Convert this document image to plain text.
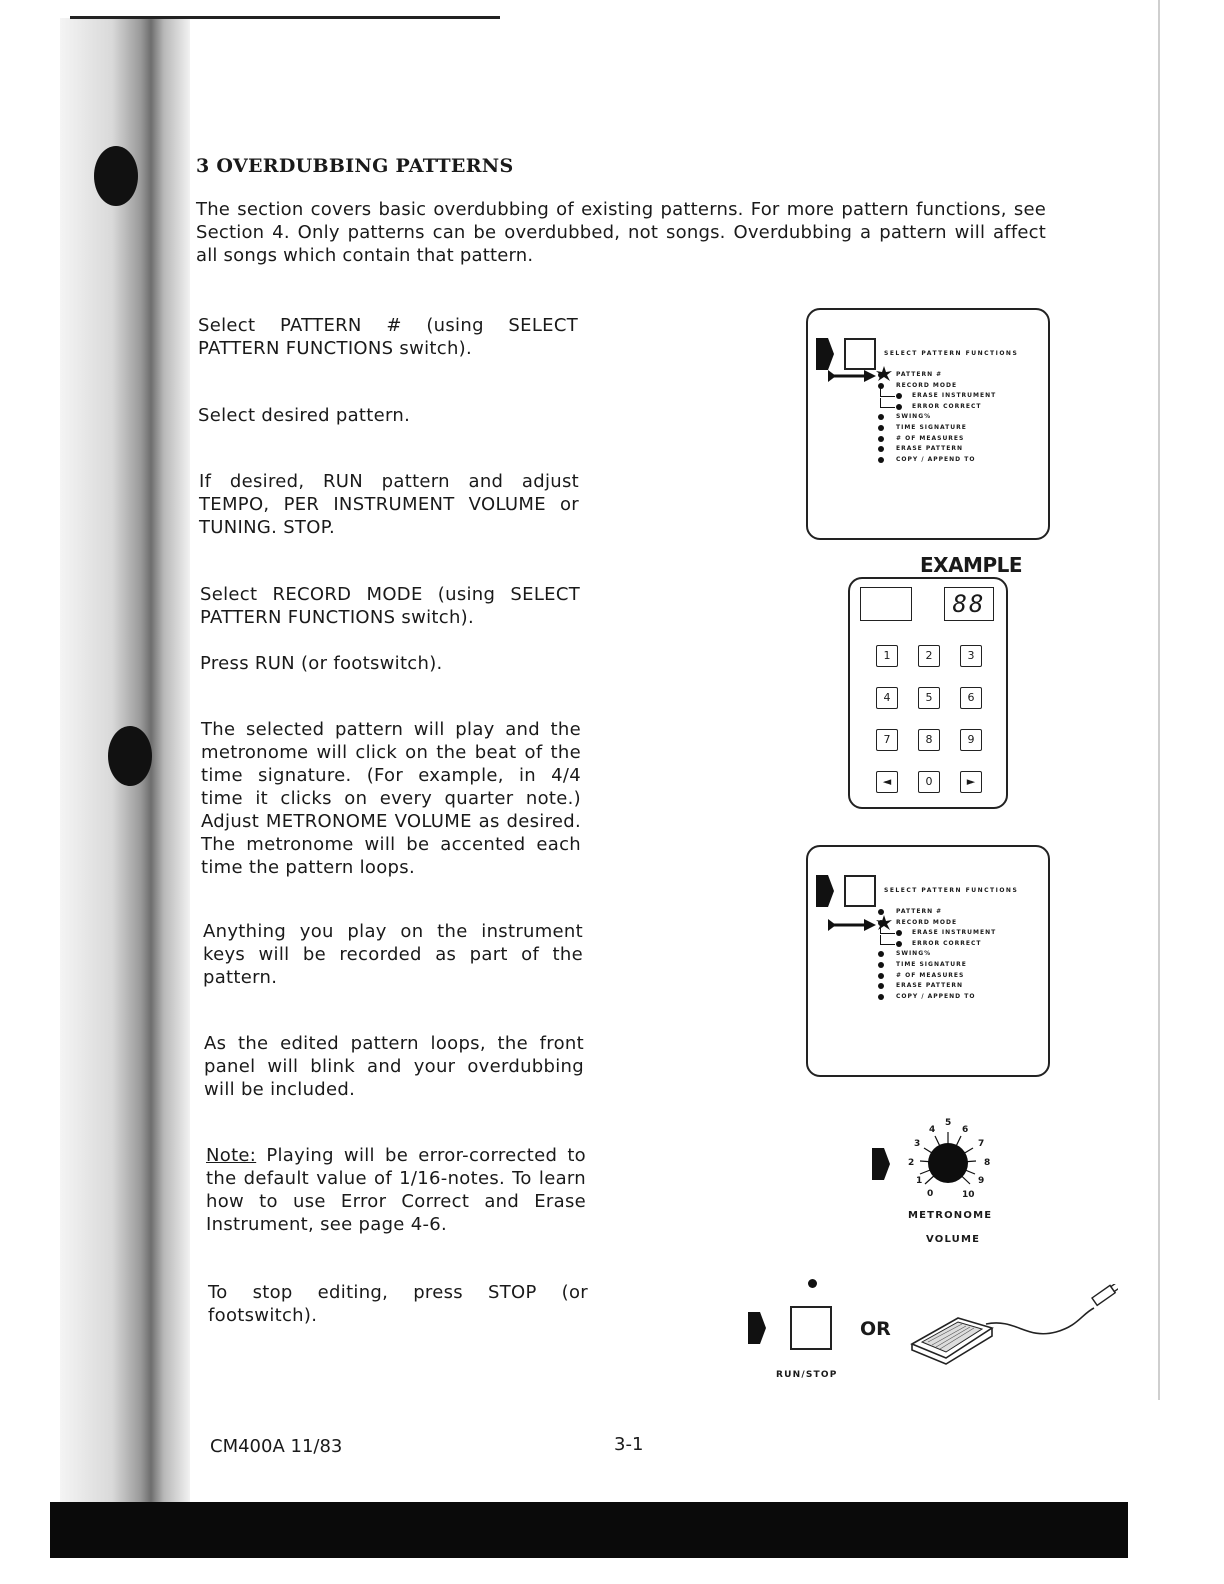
3 OVERDUBBING PATTERNS

The section covers basic overdubbing of existing patterns. For more pattern functions, see Section 4. Only patterns can be overdubbed, not songs. Overdubbing a pattern will affect all songs which contain that pattern.

Select PATTERN # (using SELECT PATTERN FUNCTIONS switch).
Select desired pattern.
If desired, RUN pattern and adjust TEMPO, PER INSTRUMENT VOLUME or TUNING. STOP.
Select RECORD MODE (using SELECT PATTERN FUNCTIONS switch).
Press RUN (or footswitch).
The selected pattern will play and the metronome will click on the beat of the time signature. (For example, in 4/4 time it clicks on every quarter note.) Adjust METRONOME VOLUME as desired. The metronome will be accented each time the pattern loops.
Anything you play on the instrument keys will be recorded as part of the pattern.
As the edited pattern loops, the front panel will blink and your overdubbing will be included.
Note: Playing will be error-corrected to the default value of 1/16-notes. To learn how to use Error Correct and Erase Instrument, see page 4-6.
To stop editing, press STOP (or footswitch).
CM400A 11/83	3-1
SELECT PATTERN FUNCTIONS
PATTERN #
RECORD MODE
ERASE INSTRUMENT
ERROR CORRECT
SWING%
TIME SIGNATURE
# OF MEASURES
ERASE PATTERN
COPY / APPEND TO
EXAMPLE
88
1	2	3
4	5	6
7	8	9
◄	0	►
SELECT PATTERN FUNCTIONS
PATTERN #
RECORD MODE
ERASE INSTRUMENT
ERROR CORRECT
SWING%
TIME SIGNATURE
# OF MEASURES
ERASE PATTERN
COPY / APPEND TO
0
1
2
3
4
5
6
7
8
9
10
METRONOME
VOLUME
RUN/STOP
OR
